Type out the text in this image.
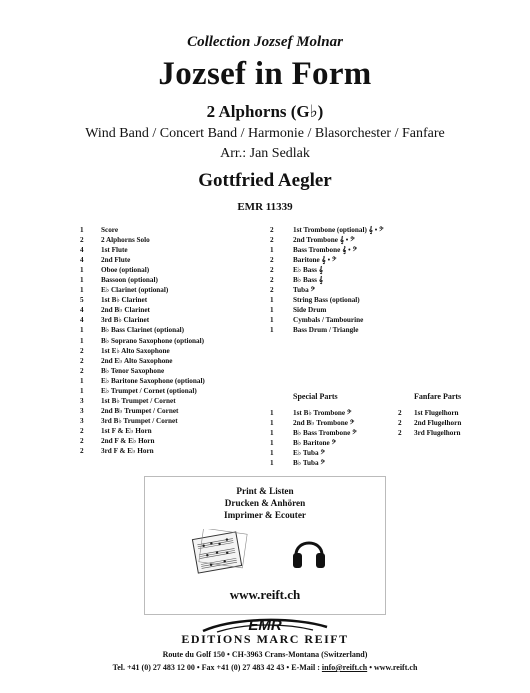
Collection Jozsef Molnar
Jozsef in Form
2 Alphorns (G♭)
Wind Band / Concert Band / Harmonie / Blasorchester / Fanfare
Arr.: Jan Sedlak
Gottfried Aegler
EMR 11339
1	Score
2	2 Alphorns Solo
4	1st Flute
4	2nd Flute
1	Oboe (optional)
1	Bassoon (optional)
1	E♭ Clarinet (optional)
5	1st B♭ Clarinet
4	2nd B♭ Clarinet
4	3rd B♭ Clarinet
1	B♭ Bass Clarinet (optional)
1	B♭ Soprano Saxophone (optional)
2	1st E♭ Alto Saxophone
2	2nd E♭ Alto Saxophone
2	B♭ Tenor Saxophone
1	E♭ Baritone Saxophone (optional)
1	E♭ Trumpet / Cornet (optional)
3	1st B♭ Trumpet / Cornet
3	2nd B♭ Trumpet / Cornet
3	3rd B♭ Trumpet / Cornet
2	1st F & E♭ Horn
2	2nd F & E♭ Horn
2	3rd F & E♭ Horn
2	1st Trombone (optional) 𝄞 • 𝄢
2	2nd Trombone 𝄞 • 𝄢
1	Bass Trombone 𝄞 • 𝄢
2	Baritone 𝄞 • 𝄢
2	E♭ Bass 𝄞
2	B♭ Bass 𝄞
2	Tuba 𝄢
1	String Bass (optional)
1	Side Drum
1	Cymbals / Tambourine
1	Bass Drum / Triangle
Special Parts
1	1st B♭ Trombone 𝄢
1	2nd B♭ Trombone 𝄢
1	B♭ Bass Trombone 𝄢
1	B♭ Baritone 𝄢
1	E♭ Tuba 𝄢
1	B♭ Tuba 𝄢
Fanfare Parts
2	1st Flugelhorn
2	2nd Flugelhorn
2	3rd Flugelhorn
Print & Listen
Drucken & Anhören
Imprimer & Ecouter
www.reift.ch
EMR
EDITIONS MARC REIFT
Route du Golf 150 • CH-3963 Crans-Montana (Switzerland)
Tel. +41 (0) 27 483 12 00 • Fax +41 (0) 27 483 42 43 • E-Mail : info@reift.ch • www.reift.ch
